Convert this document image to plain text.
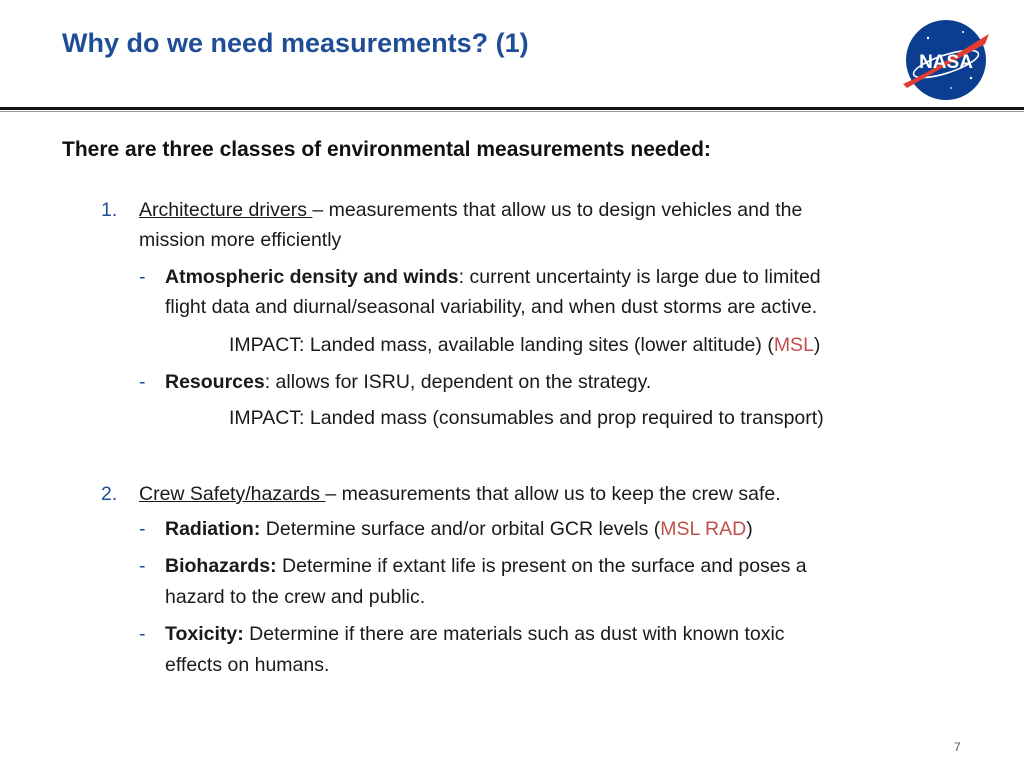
Why do we need measurements? (1)
NASA
There are three classes of environmental measurements needed:
1. Architecture drivers – measurements that allow us to design vehicles and the
mission more efficiently
- Atmospheric density and winds: current uncertainty is large due to limited
flight data and diurnal/seasonal variability, and when dust storms are active.
IMPACT: Landed mass, available landing sites (lower altitude) (MSL)
- Resources: allows for ISRU, dependent on the strategy.
IMPACT: Landed mass (consumables and prop required to transport)
2. Crew Safety/hazards – measurements that allow us to keep the crew safe.
- Radiation: Determine surface and/or orbital GCR levels (MSL RAD)
- Biohazards: Determine if extant life is present on the surface and poses a
hazard to the crew and public.
- Toxicity: Determine if there are materials such as dust with known toxic
effects on humans.
7
